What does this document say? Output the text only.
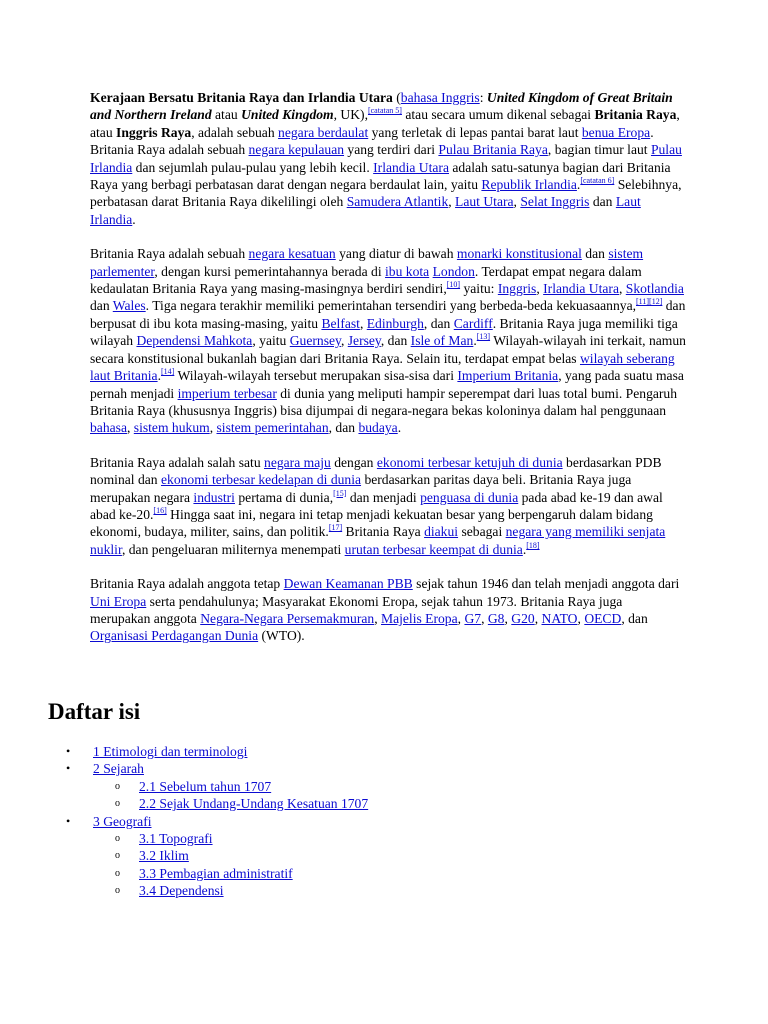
Kerajaan Bersatu Britania Raya dan Irlandia Utara (bahasa Inggris: United Kingdom of Great Britain and Northern Ireland atau United Kingdom, UK),[catatan 5] atau secara umum dikenal sebagai Britania Raya, atau Inggris Raya, adalah sebuah negara berdaulat yang terletak di lepas pantai barat laut benua Eropa. Britania Raya adalah sebuah negara kepulauan yang terdiri dari Pulau Britania Raya, bagian timur laut Pulau Irlandia dan sejumlah pulau-pulau yang lebih kecil. Irlandia Utara adalah satu-satunya bagian dari Britania Raya yang berbagi perbatasan darat dengan negara berdaulat lain, yaitu Republik Irlandia.[catatan 6] Selebihnya, perbatasan darat Britania Raya dikelilingi oleh Samudera Atlantik, Laut Utara, Selat Inggris dan Laut Irlandia.

Britania Raya adalah sebuah negara kesatuan yang diatur di bawah monarki konstitusional dan sistem parlementer, dengan kursi pemerintahannya berada di ibu kota London. Terdapat empat negara dalam kedaulatan Britania Raya yang masing-masingnya berdiri sendiri,[10] yaitu: Inggris, Irlandia Utara, Skotlandia dan Wales. Tiga negara terakhir memiliki pemerintahan tersendiri yang berbeda-beda kekuasaannya,[11][12] dan berpusat di ibu kota masing-masing, yaitu Belfast, Edinburgh, dan Cardiff. Britania Raya juga memiliki tiga wilayah Dependensi Mahkota, yaitu Guernsey, Jersey, dan Isle of Man.[13] Wilayah-wilayah ini terkait, namun secara konstitusional bukanlah bagian dari Britania Raya. Selain itu, terdapat empat belas wilayah seberang laut Britania.[14] Wilayah-wilayah tersebut merupakan sisa-sisa dari Imperium Britania, yang pada suatu masa pernah menjadi imperium terbesar di dunia yang meliputi hampir seperempat dari luas total bumi. Pengaruh Britania Raya (khususnya Inggris) bisa dijumpai di negara-negara bekas koloninya dalam hal penggunaan bahasa, sistem hukum, sistem pemerintahan, dan budaya.

Britania Raya adalah salah satu negara maju dengan ekonomi terbesar ketujuh di dunia berdasarkan PDB nominal dan ekonomi terbesar kedelapan di dunia berdasarkan paritas daya beli. Britania Raya juga merupakan negara industri pertama di dunia,[15] dan menjadi penguasa di dunia pada abad ke-19 dan awal abad ke-20.[16] Hingga saat ini, negara ini tetap menjadi kekuatan besar yang berpengaruh dalam bidang ekonomi, budaya, militer, sains, dan politik.[17] Britania Raya diakui sebagai negara yang memiliki senjata nuklir, dan pengeluaran militernya menempati urutan terbesar keempat di dunia.[18]

Britania Raya adalah anggota tetap Dewan Keamanan PBB sejak tahun 1946 dan telah menjadi anggota dari Uni Eropa serta pendahulunya; Masyarakat Ekonomi Eropa, sejak tahun 1973. Britania Raya juga merupakan anggota Negara-Negara Persemakmuran, Majelis Eropa, G7, G8, G20, NATO, OECD, dan Organisasi Perdagangan Dunia (WTO).

Daftar isi
• 1 Etimologi dan terminologi
• 2 Sejarah
o 2.1 Sebelum tahun 1707
o 2.2 Sejak Undang-Undang Kesatuan 1707
• 3 Geografi
o 3.1 Topografi
o 3.2 Iklim
o 3.3 Pembagian administratif
o 3.4 Dependensi
